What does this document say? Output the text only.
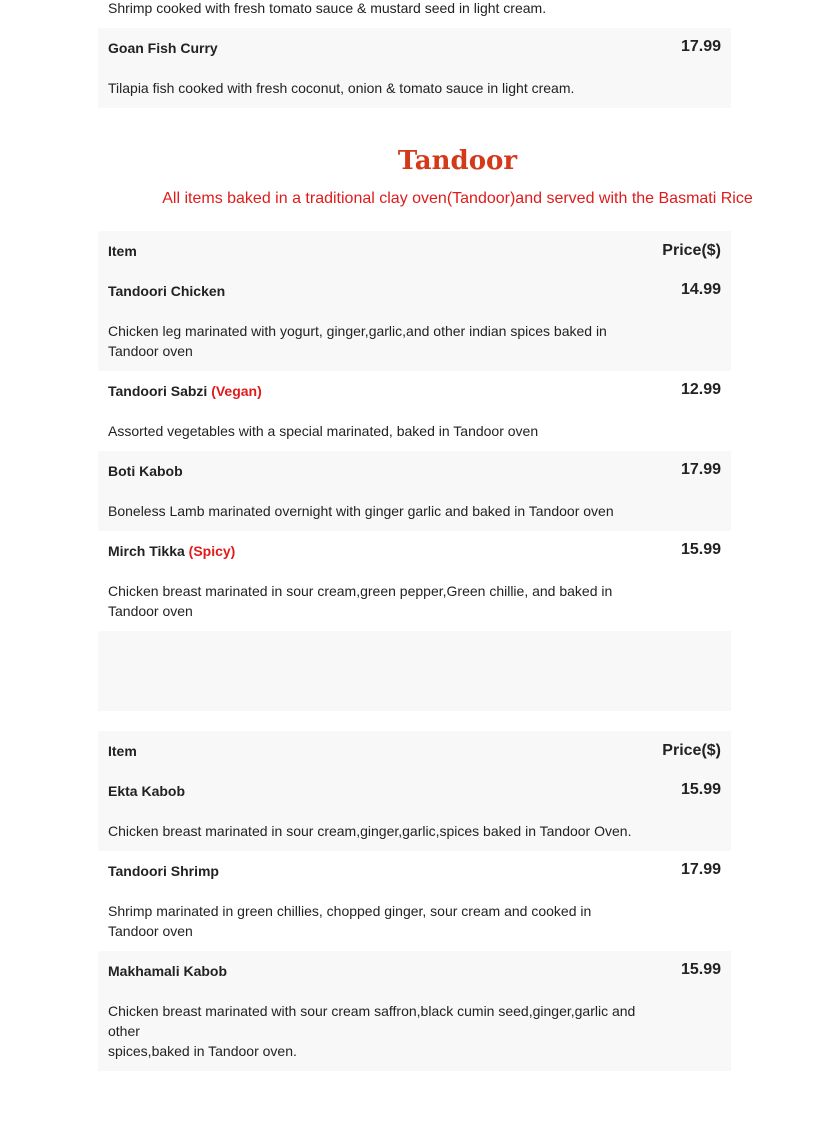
Shrimp cooked with fresh tomato sauce & mustard seed in light cream.
Goan Fish Curry	17.99
Tilapia fish cooked with fresh coconut, onion & tomato sauce in light cream.
Tandoor

All items baked in a traditional clay oven(Tandoor)and served with the Basmati Rice

Item	Price($)
Tandoori Chicken	14.99
Chicken leg marinated with yogurt, ginger,garlic,and other indian spices baked in Tandoor oven
Tandoori Sabzi (Vegan)	12.99
Assorted vegetables with a special marinated, baked in Tandoor oven
Boti Kabob	17.99
Boneless Lamb marinated overnight with ginger garlic and baked in Tandoor oven
Mirch Tikka (Spicy)	15.99
Chicken breast marinated in sour cream,green pepper,Green chillie, and baked in Tandoor oven
Item	Price($)
Ekta Kabob	15.99
Chicken breast marinated in sour cream,ginger,garlic,spices baked in Tandoor Oven.
Tandoori Shrimp	17.99
Shrimp marinated in green chillies, chopped ginger, sour cream and cooked in Tandoor oven
Makhamali Kabob	15.99
Chicken breast marinated with sour cream saffron,black cumin seed,ginger,garlic and other
spices,baked in Tandoor oven.
